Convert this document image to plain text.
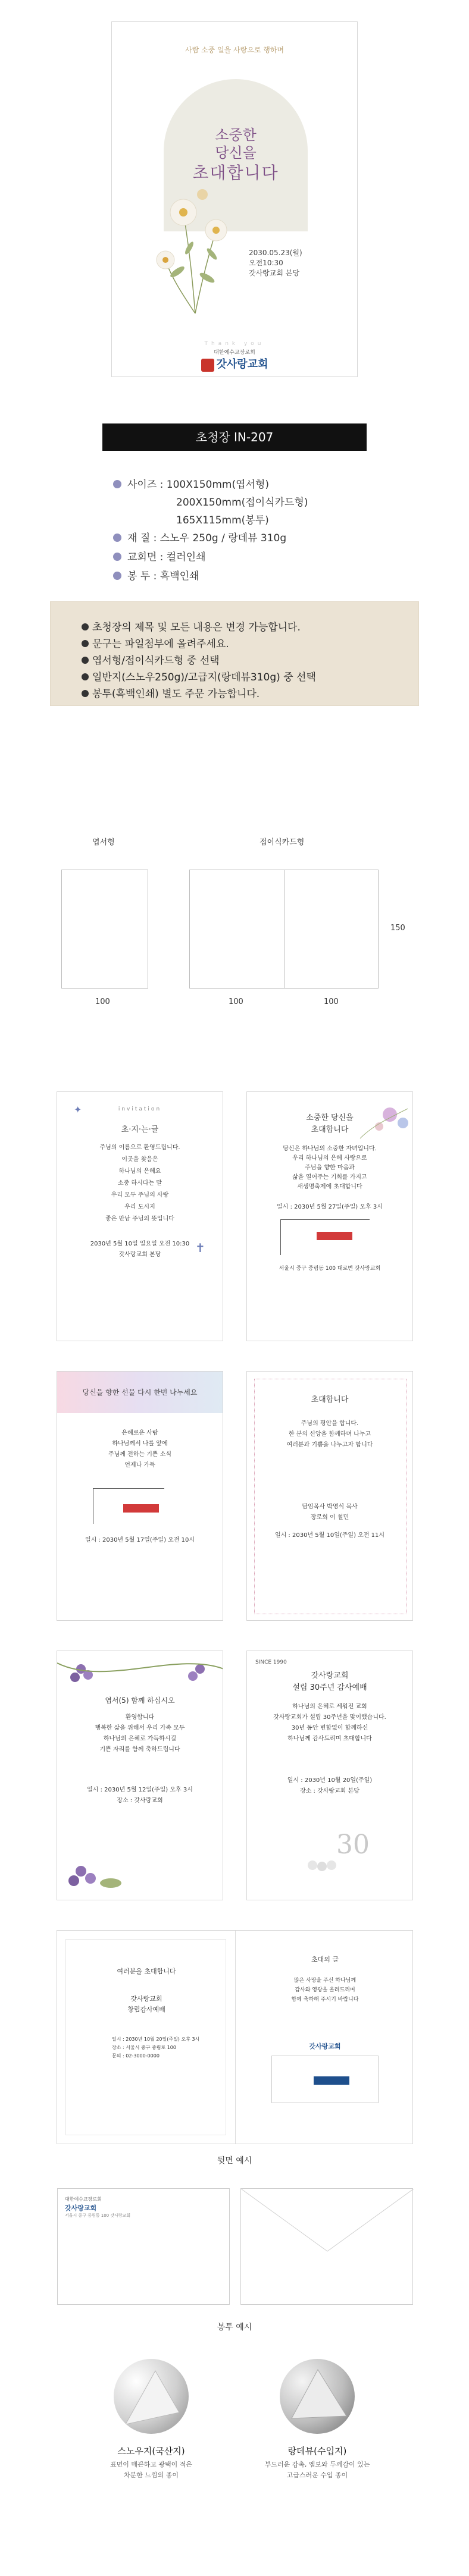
사람 소중 일을 사랑으로 행하며
소중한
당신을
초대합니다
2030.05.23(월)
오전10:30
갓사랑교회 본당
Thank you
대한예수교장로회
갓사랑교회
초청장 IN-207
사이즈 : 100X150mm(엽서형)
200X150mm(접이식카드형)
165X115mm(봉투)
재 질 : 스노우 250g / 랑데뷰 310g
교회면 : 컬러인쇄
봉 투 : 흑백인쇄
초청장의 제목 및 모든 내용은 변경 가능합니다.
문구는 파일첨부에 올려주세요.
엽서형/접이식카드형 중 선택
일반지(스노우250g)/고급지(랑데뷰310g) 중 선택
봉투(흑백인쇄) 별도 주문 가능합니다.
엽서형	접이식카드형
100	100	100
150
invitation
✦
초·지·는·글
주님의 이름으로 환영드립니다.
이곳을 찾음은
하나님의 은혜요
소중 하시다는 말
우리 모두 주님의 사랑
우리 도시지
좋은 만남 주님의 뜻입니다
2030년 5월 10일 일요일 오전 10:30
갓사랑교회 본당	✝
소중한 당신을
초대합니다
당신은 하나님의 소중한 자녀입니다.
우리 하나님의 은혜 사랑으로
주님을 향한 마음과
삶을 열어주는 기회를 가지고
새생명축제에 초대합니다
일시 : 2030년 5월 27일(주일) 오후 3시
서울시 중구 중림동 100 대로변 갓사랑교회
당신을 향한 선물 다시 한번 나누세요
은혜로운 사람
하나님께서 나를 앞에
주님께 전하는 기쁜 소식
언제나 가득
일시 : 2030년 5월 17일(주일) 오전 10시
초대합니다
주님의 평안을 합니다.
한 분의 신앙을 함께하며 나누고
여러분과 기쁨을 나누고자 합니다
담임목사 박영식 목사
장로회 이 철민
일시 : 2030년 5월 10일(주일) 오전 11시
엽서(5) 함께 하십시오
환영합니다
행복한 삶을 위해서 우리 가족 모두
하나님의 은혜로 가득하시길
기쁜 자리를 함께 축하드립니다
일시 : 2030년 5월 12일(주일) 오후 3시
장소 : 갓사랑교회
SINCE 1990
갓사랑교회
설립 30주년 감사예배
하나님의 은혜로 세워진 교회
갓사랑교회가 설립 30주년을 맞이했습니다.
30년 동안 변함없이 함께하신
하나님께 감사드리며 초대합니다
일시 : 2030년 10월 20일(주일)
장소 : 갓사랑교회 본당
30
여러분을 초대합니다
갓사랑교회
창립감사예배
일시 : 2030년 10월 20일(주일) 오후 3시
장소 : 서울시 중구 중림로 100
문의 : 02-3000-0000
초대의 글
많은 사랑을 주신 하나님께
감사와 영광을 올려드리며
함께 축하해 주시기 바랍니다
갓사랑교회
뒷면 예시
대한예수교장로회
갓사랑교회
서울시 중구 중림동 100 갓사랑교회
봉투 예시
스노우지(국산지)
표면이 매끈하고 광택이 적은
차분한 느낌의 종이
랑데뷰(수입지)
부드러운 감촉, 엠보와 두께감이 있는
고급스러운 수입 종이
